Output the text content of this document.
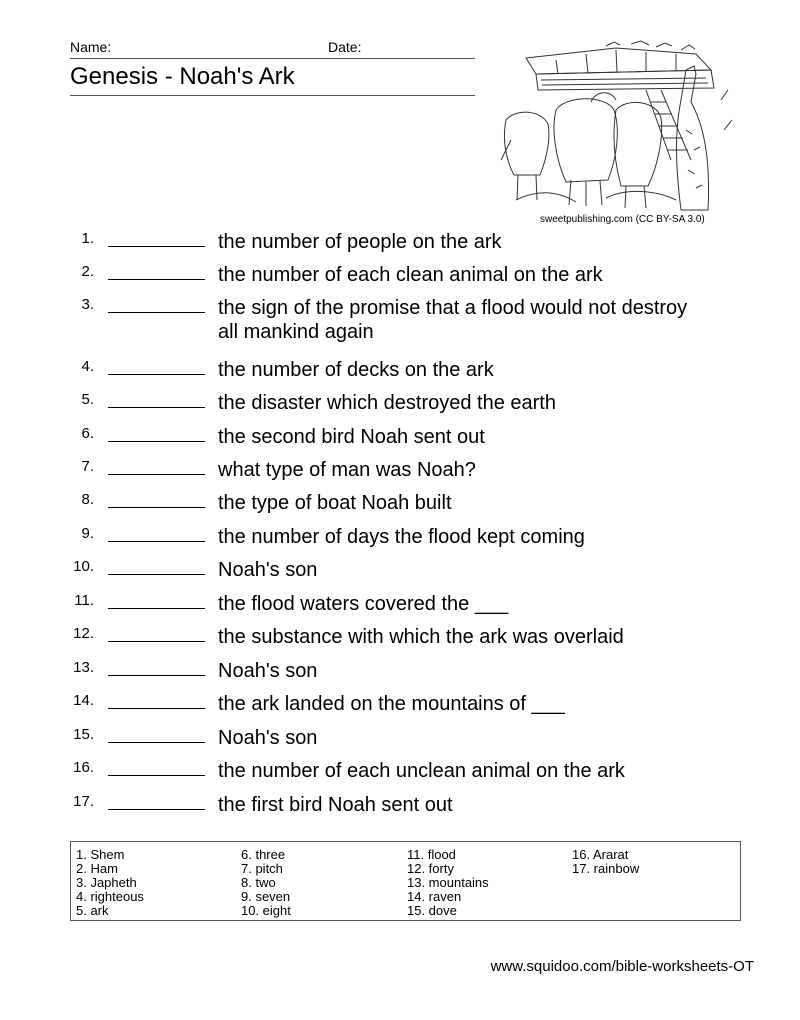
Name:	Date:
Genesis - Noah's Ark
sweetpublishing.com (CC BY-SA 3.0)
1.	the number of people on the ark
2.	the number of each clean animal on the ark
3.	the sign of the promise that a flood would not destroy all mankind again
4.	the number of decks on the ark
5.	the disaster which destroyed the earth
6.	the second bird Noah sent out
7.	what type of man was Noah?
8.	the type of boat Noah built
9.	the number of days the flood kept coming
10.	Noah's son
11.	the flood waters covered the ___
12.	the substance with which the ark was overlaid
13.	Noah's son
14.	the ark landed on the mountains of ___
15.	Noah's son
16.	the number of each unclean animal on the ark
17.	the first bird Noah sent out
1. Shem
2. Ham
3. Japheth
4. righteous
5. ark
6. three
7. pitch
8. two
9. seven
10. eight
11. flood
12. forty
13. mountains
14. raven
15. dove
16. Ararat
17. rainbow
www.squidoo.com/bible-worksheets-OT
